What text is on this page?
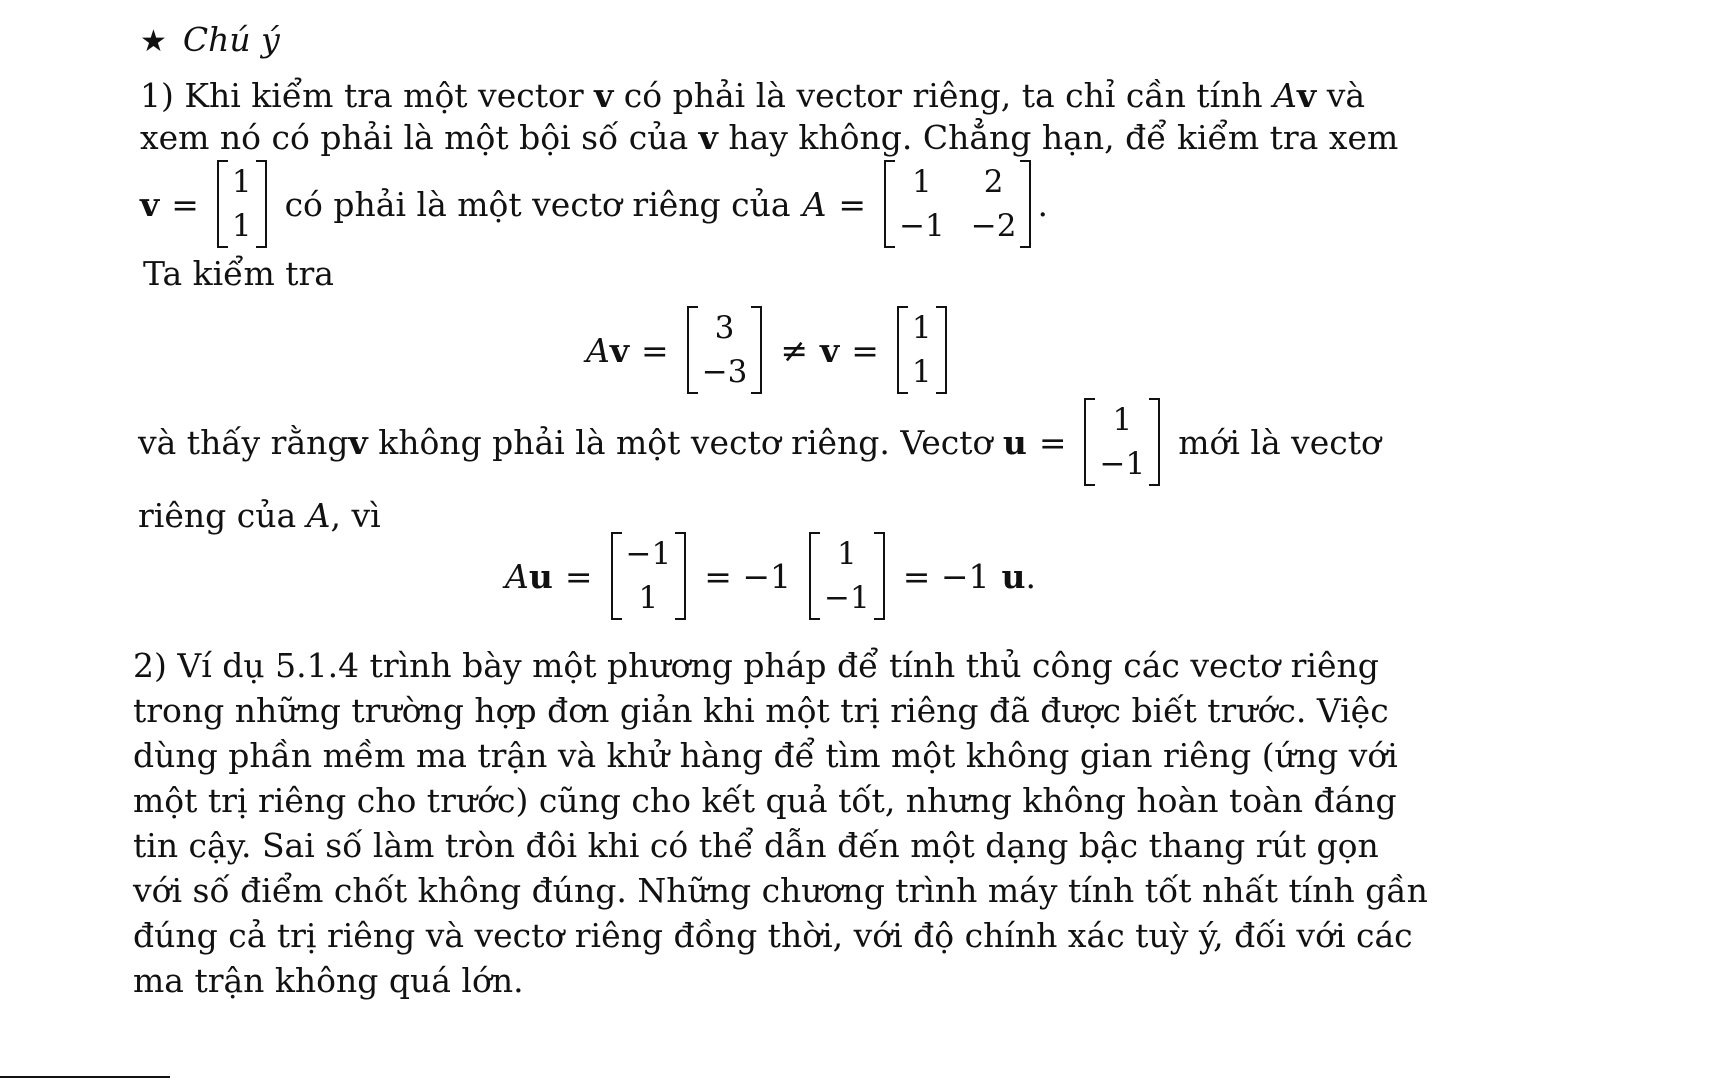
★ Chú ý
1) Khi kiểm tra một vector v có phải là vector riêng, ta chỉ cần tính Av và
xem nó có phải là một bội số của v hay không. Chẳng hạn, để kiểm tra xem
v =
1
1
có phải là một vectơ riêng của A =
1
−1
2
−2
.
Ta kiểm tra
A v =
3
−3
≠ v =
1
1
và thấy rằng v không phải là một vectơ riêng. Vectơ u =
1
−1
mới là vectơ
riêng của A, vì
A u =
−1
1
= −1
1
−1
= −1 u .
2) Ví dụ 5.1.4 trình bày một phương pháp để tính thủ công các vectơ riêng
trong những trường hợp đơn giản khi một trị riêng đã được biết trước. Việc
dùng phần mềm ma trận và khử hàng để tìm một không gian riêng (ứng với
một trị riêng cho trước) cũng cho kết quả tốt, nhưng không hoàn toàn đáng
tin cậy. Sai số làm tròn đôi khi có thể dẫn đến một dạng bậc thang rút gọn
với số điểm chốt không đúng. Những chương trình máy tính tốt nhất tính gần
đúng cả trị riêng và vectơ riêng đồng thời, với độ chính xác tuỳ ý, đối với các
ma trận không quá lớn.
